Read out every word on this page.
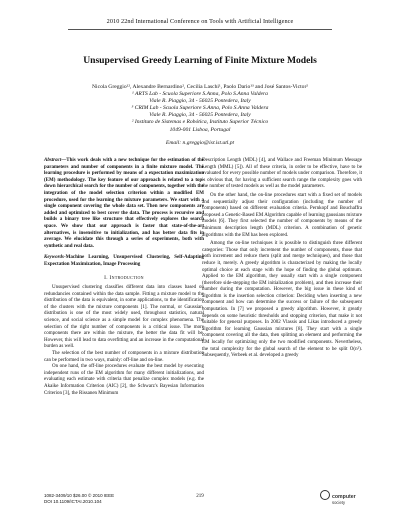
2010 22nd International Conference on Tools with Artificial Intelligence
Unsupervised Greedy Learning of Finite Mixture Models
Nicola Greggio¹², Alexandre Bernardino², Cecilia Laschi¹, Paolo Dario¹³ and José Santos-Victor²
¹ ARTS Lab - Scuola Superiore S.Anna, Polo S.Anna Valdera
Viale R. Piaggio, 34 - 56025 Pontedera, Italy
³ CRIM Lab - Scuola Superiore S.Anna, Polo S.Anna Valdera
Viale R. Piaggio, 34 - 56025 Pontedera, Italy
² Instituto de Sistemas e Robótica, Instituto Superior Técnico
1049-001 Lisboa, Portugal
Email: n.greggio@isr.ist.utl.pt

Abstract—This work deals with a new technique for the estimation of the parameters and number of components in a finite mixture model. The learning procedure is performed by means of a expectation maximization (EM) methodology. The key feature of our approach is related to a top-down hierarchical search for the number of components, together with the integration of the model selection criterion within a modified EM procedure, used for the learning the mixture parameters. We start with a single component covering the whole data set. Then new components are added and optimized to best cover the data. The process is recursive and builds a binary tree like structure that effectively explores the search space. We show that our approach is faster that state-of-the-art alternatives, is insensitive to initialization, and has better data fits in average. We elucidate this through a series of experiments, both with synthetic and real data.

Keywords-Machine Learning, Unsupervised Clustering, Self-Adapting Expectation Maximization, Image Processing

I. Introduction

Unsupervised clustering classifies different data into classes based on redundancies contained within the data sample. Fitting a mixture model to the distribution of the data is equivalent, in some applications, to the identification of the clusters with the mixture components [1]. The normal, or Gaussian, distribution is one of the most widely used, throughout statistics, natural science, and social science as a simple model for complex phenomena. The selection of the right number of components is a critical issue. The more components there are within the mixture, the better the data fit will be. However, this will lead to data overfitting and an increase in the computational burden as well.

The selection of the best number of components in a mixture distribution can be performed in two ways, mainly: off-line and on-line.

On one hand, the off-line procedures evaluate the best model by executing independent runs of the EM algorithm for many different initializations, and evaluating each estimate with criteria that penalize complex models (e.g. the Akaike Information Criterion (AIC) [2], the Schwarz's Bayesian Information Criterion [3], the Rissanen Minimum

Description Length (MDL) [4], and Wallace and Freeman Minimum Message Length (MML) [5]). All of these criteria, in order to be effective, have to be evaluated for every possible number of models under comparison. Therefore, it is obvious that, for having a sufficient search range the complexity goes with the number of tested models as well as the model parameters.

On the other hand, the on-line procedures start with a fixed set of models and sequentially adjust their configuration (including the number of components) based on different evaluation criteria. Pernkopf and Bouchaffra proposed a Genetic-Based EM Algorithm capable of learning gaussians mixture models [6]. They first selected the number of components by means of the minimum description length (MDL) criterion. A combination of genetic algorithms with the EM has been explored.

Among the on-line techniques it is possible to distinguish three different categories: Those that only increment the number of components, those that both increment and reduce them (split and merge techniques), and those that reduce it, merely. A greedy algorithm is characterized by making the locally optimal choice at each stage with the hope of finding the global optimum. Applied to the EM algorithm, they usually start with a single component (therefore side-stepping the EM initialization problem), and then increase their number during the computation. However, the big issue in these kind of algorithm is the insertion selection criterion: Deciding when inserting a new component and how can determine the success or failure of the subsequent computation. In [7] we proposed a greedy algorithm. However, it greatly depends on some heuristic thresholds and stopping criterion, that make it not suitable for general purposes. In 2002 Vlassis and Likas introduced a greedy algorithm for learning Gaussian mixtures [8]. They start with a single component covering all the data, then splitting an element and performing the EM locally for optimizing only the two modified components. Nevertheless, the total complexity for the global search of the element to be split O(n²). Subsequently, Verbeek et al. developed a greedy

1082-3409/10 $26.00 © 2010 IEEE
DOI 10.1109/ICTAI.2010.104
219	computer
society
